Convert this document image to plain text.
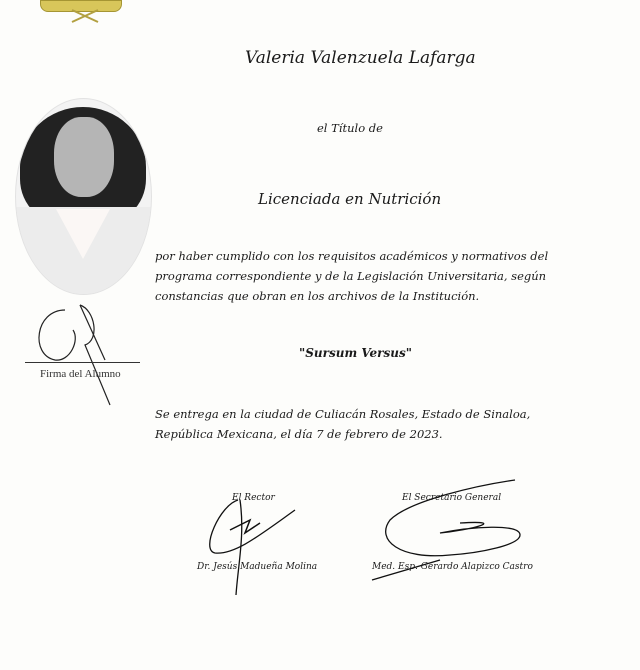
Firma del Alumno
Valeria Valenzuela Lafarga
el Título de
Licenciada en Nutrición
por haber cumplido con los requisitos académicos y normativos del
programa correspondiente y de la Legislación Universitaria, según
constancias que obran en los archivos de la Institución.
"Sursum Versus"
Se entrega en la ciudad de Culiacán Rosales, Estado de Sinaloa,
República Mexicana, el día 7 de febrero de 2023.
El Rector
Dr. Jesús Madueña Molina
El Secretario General
Med. Esp. Gerardo Alapizco Castro
